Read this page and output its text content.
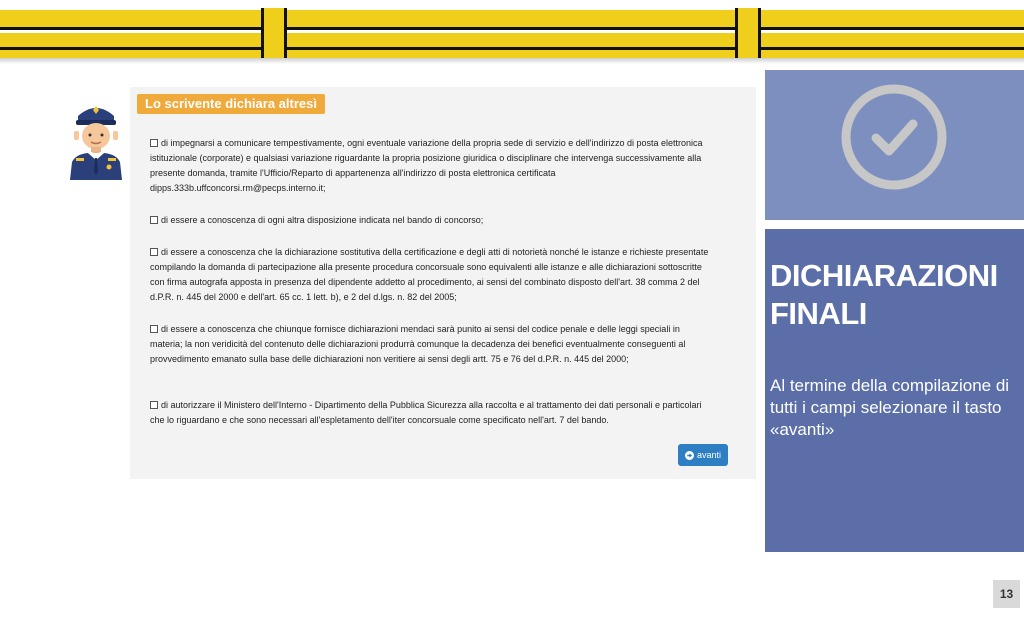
Lo scrivente dichiara altresì

di impegnarsi a comunicare tempestivamente, ogni eventuale variazione della propria sede di servizio e dell'indirizzo di posta elettronica istituzionale (corporate) e qualsiasi variazione riguardante la propria posizione giuridica o disciplinare che intervenga successivamente alla presente domanda, tramite l'Ufficio/Reparto di appartenenza all'indirizzo di posta elettronica certificata dipps.333b.uffconcorsi.rm@pecps.interno.it;

di essere a conoscenza di ogni altra disposizione indicata nel bando di concorso;

di essere a conoscenza che la dichiarazione sostitutiva della certificazione e degli atti di notorietà nonché le istanze e richieste presentate compilando la domanda di partecipazione alla presente procedura concorsuale sono equivalenti alle istanze e alle dichiarazioni sottoscritte con firma autografa apposta in presenza del dipendente addetto al procedimento, ai sensi del combinato disposto dell'art. 38 comma 2 del d.P.R. n. 445 del 2000 e dell'art. 65 cc. 1 lett. b), e 2 del d.lgs. n. 82 del 2005;

di essere a conoscenza che chiunque fornisce dichiarazioni mendaci sarà punito ai sensi del codice penale e delle leggi speciali in materia; la non veridicità del contenuto delle dichiarazioni produrrà comunque la decadenza dei benefici eventualmente conseguenti al provvedimento emanato sulla base delle dichiarazioni non veritiere ai sensi degli artt. 75 e 76 del d.P.R. n. 445 del 2000;

di autorizzare il Ministero dell'Interno - Dipartimento della Pubblica Sicurezza alla raccolta e al trattamento dei dati personali e particolari che lo riguardano e che sono necessari all'espletamento dell'iter concorsuale come specificato nell'art. 7 del bando.

avanti
DICHIARAZIONI
FINALI
Al termine della compilazione di tutti i campi selezionare il tasto «avanti»
13
